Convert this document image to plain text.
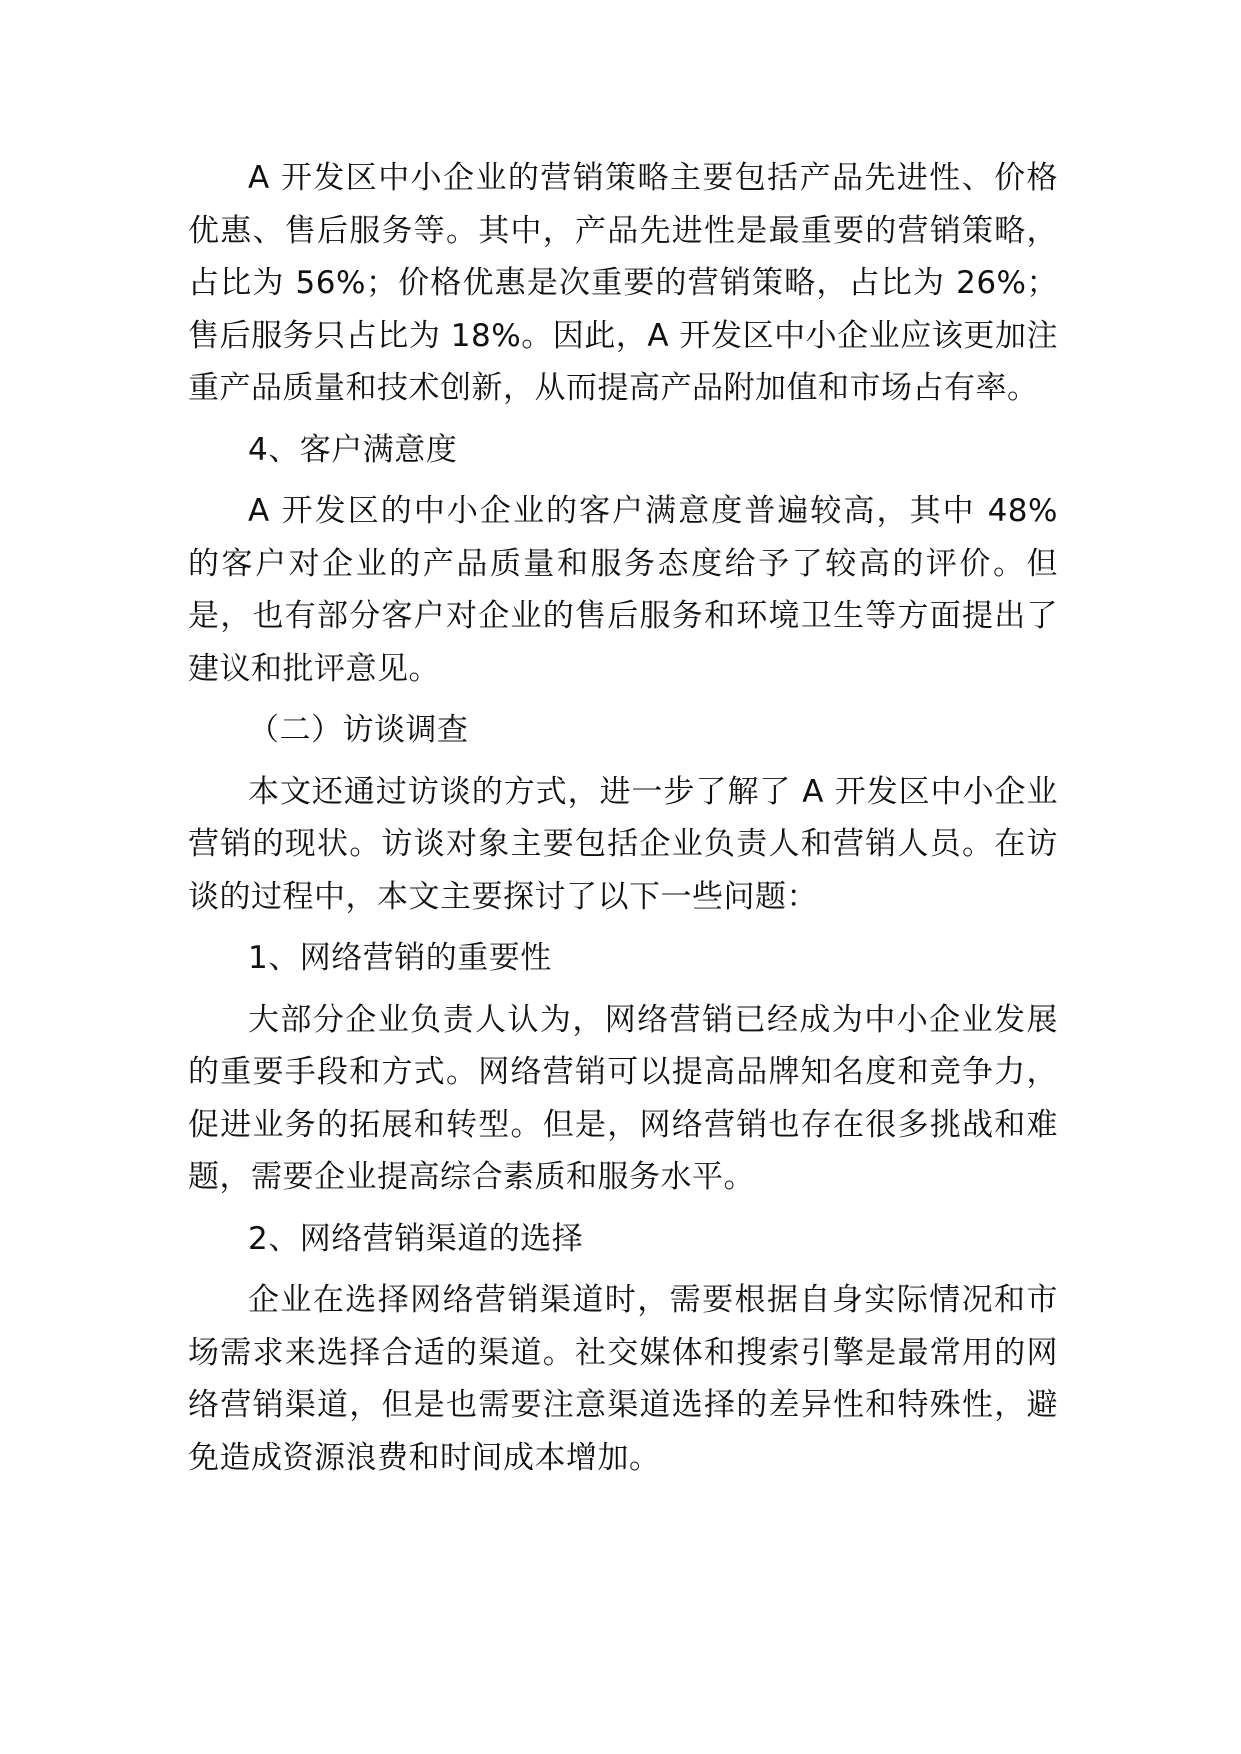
A 开发区中小企业的营销策略主要包括产品先进性、价格优惠、售后服务等。其中，产品先进性是最重要的营销策略，占比为 56%；价格优惠是次重要的营销策略，占比为 26%；售后服务只占比为 18%。因此，A 开发区中小企业应该更加注重产品质量和技术创新，从而提高产品附加值和市场占有率。

4、客户满意度

A 开发区的中小企业的客户满意度普遍较高，其中 48% 的客户对企业的产品质量和服务态度给予了较高的评价。但是，也有部分客户对企业的售后服务和环境卫生等方面提出了建议和批评意见。

（二）访谈调查

本文还通过访谈的方式，进一步了解了 A 开发区中小企业营销的现状。访谈对象主要包括企业负责人和营销人员。在访谈的过程中，本文主要探讨了以下一些问题：

1、网络营销的重要性

大部分企业负责人认为，网络营销已经成为中小企业发展的重要手段和方式。网络营销可以提高品牌知名度和竞争力，促进业务的拓展和转型。但是，网络营销也存在很多挑战和难题，需要企业提高综合素质和服务水平。

2、网络营销渠道的选择

企业在选择网络营销渠道时，需要根据自身实际情况和市场需求来选择合适的渠道。社交媒体和搜索引擎是最常用的网络营销渠道，但是也需要注意渠道选择的差异性和特殊性，避免造成资源浪费和时间成本增加。
